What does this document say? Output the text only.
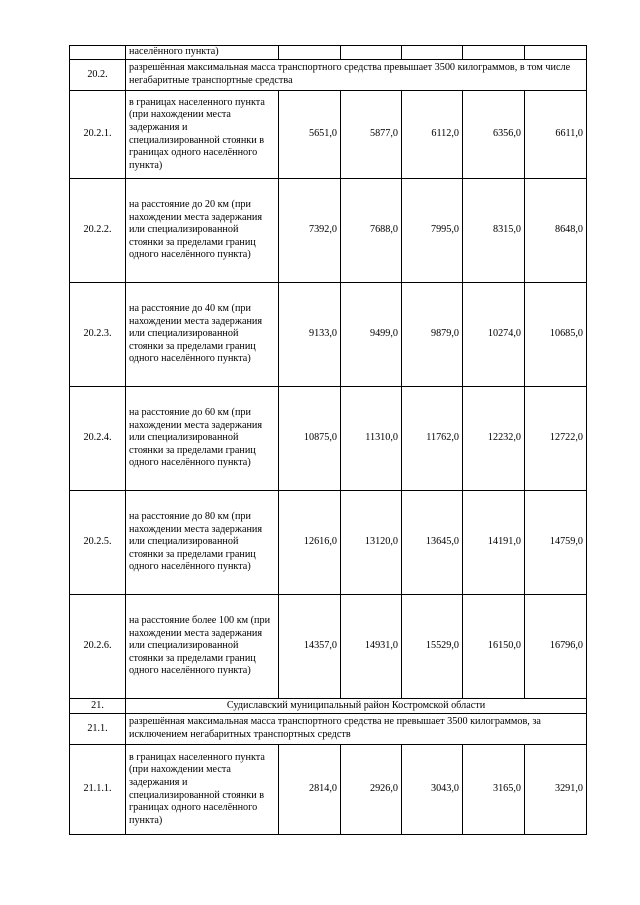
	населённого пункта)					
20.2.	разрешённая максимальная масса транспортного средства превышает 3500 килограммов, в том числе негабаритные транспортные средства					
20.2.1.	в границах населенного пункта (при нахождении места задержания и специализированной стоянки в границах одного населённого пункта)	5651,0	5877,0	6112,0	6356,0	6611,0
20.2.2.	на расстояние до 20 км (при нахождении места задержания или специализированной стоянки за пределами границ одного населённого пункта)	7392,0	7688,0	7995,0	8315,0	8648,0
20.2.3.	на расстояние до 40 км (при нахождении места задержания или специализированной стоянки за пределами границ одного населённого пункта)	9133,0	9499,0	9879,0	10274,0	10685,0
20.2.4.	на расстояние до 60 км (при нахождении места задержания или специализированной стоянки за пределами границ одного населённого пункта)	10875,0	11310,0	11762,0	12232,0	12722,0
20.2.5.	на расстояние до 80 км (при нахождении места задержания или специализированной стоянки за пределами границ одного населённого пункта)	12616,0	13120,0	13645,0	14191,0	14759,0
20.2.6.	на расстояние более 100 км (при нахождении места задержания или специализированной стоянки за пределами границ одного населённого пункта)	14357,0	14931,0	15529,0	16150,0	16796,0
21.	Судиславский муниципальный район Костромской области					
21.1.	разрешённая максимальная масса транспортного средства не превышает 3500 килограммов, за исключением негабаритных транспортных средств					
21.1.1.	в границах населенного пункта (при нахождении места задержания и специализированной стоянки в границах одного населённого пункта)	2814,0	2926,0	3043,0	3165,0	3291,0
